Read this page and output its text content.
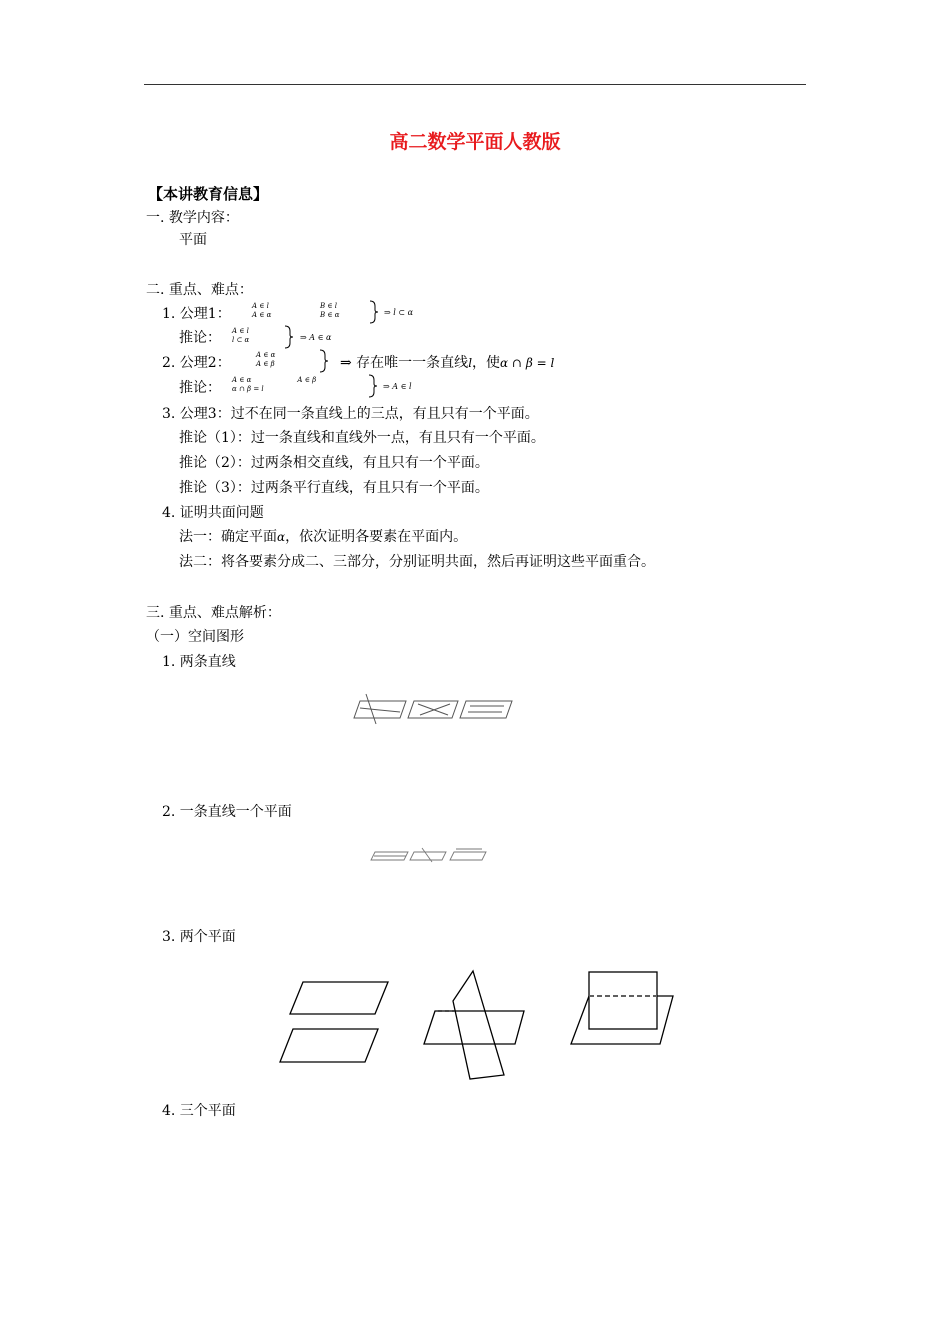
高二数学平面人教版
【本讲教育信息】
一. 教学内容：
平面
二. 重点、难点：
1. 公理1：	A ∈ l
A ∈ αB ∈ l
B ∈ α	⇒ l ⊂ α
推论： A ∈ l
l ⊂ α	⇒ A ∈ α
2. 公理2：	A ∈ α
A ∈ β	⇒ 存在唯一一条直线l，使α ∩ β = l
推论： A ∈ α	A ∈ β
α ∩ β = l	⇒ A ∈ l
3. 公理3：过不在同一条直线上的三点，有且只有一个平面。
推论（1）：过一条直线和直线外一点，有且只有一个平面。
推论（2）：过两条相交直线，有且只有一个平面。
推论（3）：过两条平行直线，有且只有一个平面。
4. 证明共面问题
法一：确定平面α，依次证明各要素在平面内。
法二：将各要素分成二、三部分，分别证明共面，然后再证明这些平面重合。
三. 重点、难点解析：
（一）空间图形
1. 两条直线
2. 一条直线一个平面
3. 两个平面
4. 三个平面
